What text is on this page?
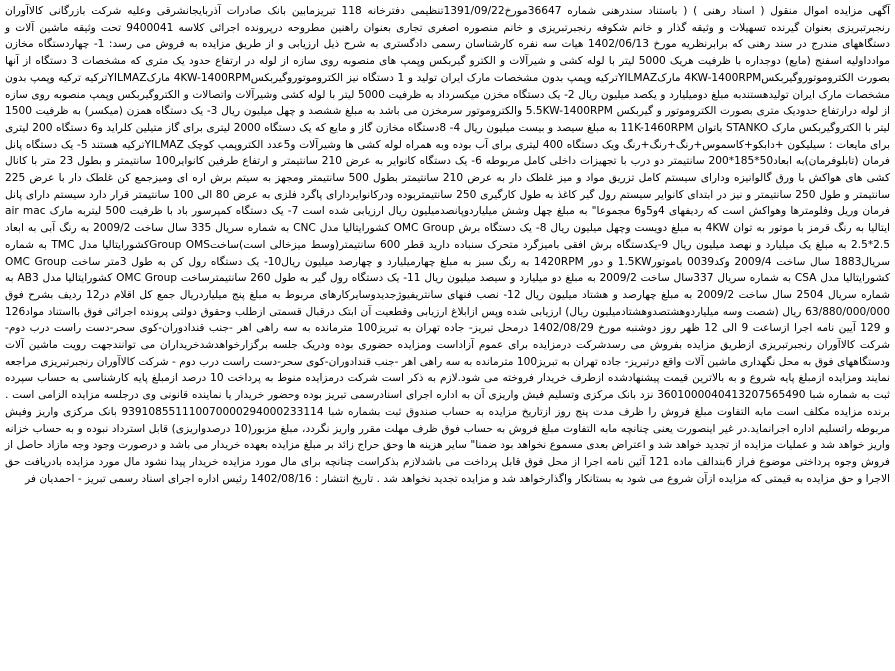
آگهی مزایده اموال منقول ( اسناد رهنی ) ) باستناد سندرهنی شماره 36647مورخ1391/09/22تنظیمی دفترخانه 118 تبریزمابین بانک صادرات آذربایجانشرقی وعلیه شرکت بازرگانی کالاآوران رنجبرتبریزی بعنوان گیرنده تسهیلات و وثیقه گذار و خانم شکوفه رنجبرتبریزی و خانم منصوره اصغری تجاری بعنوان راهنین مطروحه درپرونده اجرائی کلاسه 9400041 تحت وثیقه ماشین آلات و دستگاههای مندرج در سند رهنی که برابرنظریه مورخ 1402/06/13 هیات سه نفره کارشناسان رسمی دادگستری به شرح ذیل ارزیابی و از طریق مزایده به فروش می رسد: 1- چهاردستگاه مخازن موادداولیه اسفنج (مایع) دوجداره با ظرفیت هریک 5000 لیتر با لوله کشی و شیرآلات و الکترو گیربکس وپمپ های منصوبه روی سازه از لوله در ارتفاع حدود یک متری که مشخصات 3 دستگاه از آنها بصورت الکتروموتوروگیربکس4KW-1400RPM مارکYILMAZترکیه وپمپ بدون مشخصات مارک ایران تولید و 1 دستگاه نیز الکتروموتوروگیربکس4KW-1400RPM مارکYILMAZترکیه ترکیه وپمپ بدون مشخصات مارک ایران تولیدهستندبه مبلغ دومیلیارد و یکصد میلیون ریال 2- یک دستگاه مخزن میکسرداد به ظرفیت 5000 لیتر با لوله کشی وشیرآلات واتصالات و الکتروگیربکس وپمپ منصوبه روی سازه از لوله درارتفاع حدودیک متری بصورت الکتروموتور و گیربکس 5.5KW-1400RPM والکتروموتور سرمخزن می باشد به مبلغ ششصد و چهل میلیون ریال 3- یک دستگاه همزن (میکسر) به ظرفیت 1500 لیتر با الکتروگیربکس مارک STANKO باتوان 11K-1460RPM به مبلغ سیصد و بیست میلیون ریال 4- 8دستگاه مخازن گاز و مایع که یک دستگاه 2000 لیتری برای گاز متیلین کلراید و6 دستگاه 200 لیتری برای مایعات : سیلیکون +دابکو+کاسموس+رنگ+رنگ+رنگ ویک دستگاه 400 لیتری برای آب بوده وبه همراه لوله کشی ها وشیرآلات و5عدد الکتروپمپ کوچک YILMAZترکیه هستند 5- یک دستگاه پانل فرمان (تابلوفرمان)به ابعاد50*185*200 سانتیمتر دو درب با تجهیزات داخلی کامل مربوطه 6- یک دستگاه کانوایر به عرض 210 سانتیمتر و ارتفاع طرفین کانوایر100 سانتیمتر و بطول 23 متر با کانال کشی های هواکش با ورق گالوانیزه ودارای سیستم کامل تزریق مواد و میز غلطک دار به عرض 210 سانتیمتر بطول 500 سانتیمتر ومجهز به سیتم برش اره ای ومیزجمع کن غلطک دار با عرض 225 سانتیمتر و طول 250 سانتیمتر و نیز در ابتدای کانوایر سیستم رول گیر کاغذ به طول کارگیری 250 سانتیمتربوده ودرکانوایردارای پاگرد فلزی به عرض 80 الی 100 سانتیمتر قرار دارد سیستم دارای پانل فرمان وریل وفلومترها وهواکش است که ردیفهای 4و5و6 مجموعا" به مبلغ چهل وشش میلیاردوپانصدمیلیون ریال ارزیابی شده است 7- یک دستگاه کمپرسور باد با ظرفیت 500 لیتربه مارک air mac ایتالیا به رنگ قرمز با موتور به توان 4KW به مبلغ دویست وچهل میلیون ریال 8- یک دستگاه برش OMC Group کشورایتالیا مدل CNC به شماره سریال 335 سال ساخت 2009/2 به رنگ آبی به ابعاد 2.5*2.5 به مبلغ یک میلیارد و نهصد میلیون ریال 9-یکدستگاه برش افقی بامیزگرد متحرک سنباده دارید قطر 600 سانتیمتر(وسط میزخالی است)ساختGroup OMSکشورایتالیا مدل TMC به شماره سریال1883 سال ساخت 2009/4 وکد0039 باموتور1.5KW و دور 1420RPM به رنگ سبز به مبلغ چهارمیلیارد و چهارصد میلیون ریال10- یک دستگاه رول کن به طول 3متر ساخت OMC Group کشورایتالیا مدل CSA به شماره سریال 337سال ساخت 2009/2 به مبلغ دو میلیارد و سیصد میلیون ریال 11- یک دستگاه رول گیر به طول 260 سانتیمترساخت OMC Group کشورایتالیا مدل AB3 به شماره سریال 2504 سال ساخت 2009/2 به مبلغ چهارصد و هشتاد میلیون ریال 12- نصب فنهای سانتریفیوژجدیدوسایرکارهای مربوط به مبلغ پنج میلیاردریال جمع کل اقلام در12 ردیف بشرح فوق 63/880/000/000 ریال (شصت وسه میلیاردوهشتصدوهشتادمیلیون ریال) ارزیابی شده وپس ازابلاغ ارزیابی وقطعیت آن ابتک درقبال قسمتی ازطلب وحقوق دولتی پرونده اجرائی فوق بااستناد مواد126 و 129 آیین نامه اجرا ازساعت 9 الی 12 ظهر روز دوشنبه مورخ 1402/08/29 درمحل تبریز- جاده تهران به تبریز100 مترمانده به سه راهی اهر -جنب قندادوران-کوی سحر-دست راست درب دوم- شرکت کالاآوران رنجبرتبریزی ازطریق مزایده بفروش می رسدشرکت درمزایده برای عموم آزاداست ومزایده حضوری بوده ودریک جلسه برگزارخواهدشدخریداران می توانندجهت رویت ماشین آلات ودستگاههای فوق به محل نگهداری ماشین آلات واقع درتبریز- جاده تهران به تبریز100 مترمانده به سه راهی اهر -جنب قندادوران-کوی سحر-دست راست درب دوم - شرکت کالاآوران رنجبرتبریزی مراجعه نمایند ومزایده ازمبلغ پایه شروع و به بالاترین قیمت پیشنهادشده ازطرف خریدار فروخته می شود.لازم به ذکر است شرکت درمزایده منوط به پرداخت 10 درصد ازمبلغ پایه کارشناسی به حساب سپرده ثبت به شماره شبا 3601000040413207565490 نزد بانک مرکزی وتسلیم فیش واریزی آن به اداره اجرای اسنادرسمی تبریز بوده وحضور خریدار یا نماینده قانونی وی درجلسه مزایده الزامی است . برنده مزایده مکلف است مابه التفاوت مبلغ فروش را ظرف مدت پنج روز ازتاریخ مزایده به حساب صندوق ثبت بشماره شبا 939108551110070000294000233114 بانک مرکزی واریز وفیش مربوطه راتسلیم اداره اجرانماید.در غیر اینصورت یعنی چنانچه مابه التفاوت مبلغ فروش به حساب فوق ظرف مهلت مقرر واریز نگردد، مبلغ مزبور(10 درصدواریزی) قابل استرداد نبوده و به حساب خزانه واریز خواهد شد و عملیات مزایده از تجدید خواهد شد و اعتراض بعدی مسموع نخواهد بود ضمنا" سایر هزینه ها وحق حراج زائد بر مبلغ مزایده بعهده خریدار می باشد و درصورت وجود وجه مازاد حاصل از فروش وجوه پرداختی موضوع فراز 6بندالف ماده 121 آئین نامه اجرا از محل فوق قابل پرداخت می باشدلازم بذکراست چنانچه برای مال مورد مزایده خریدار پیدا نشود مال مورد مزایده بادریافت حق الاجرا و حق مزایده به قیمتی که مزایده ازآن شروع می شود به بستانکار واگذارخواهد شد و مزایده تجدید نخواهد شد . تاریخ انتشار : 1402/08/16 رئیس اداره اجرای اسناد رسمی تبریز - احمدیان فر
